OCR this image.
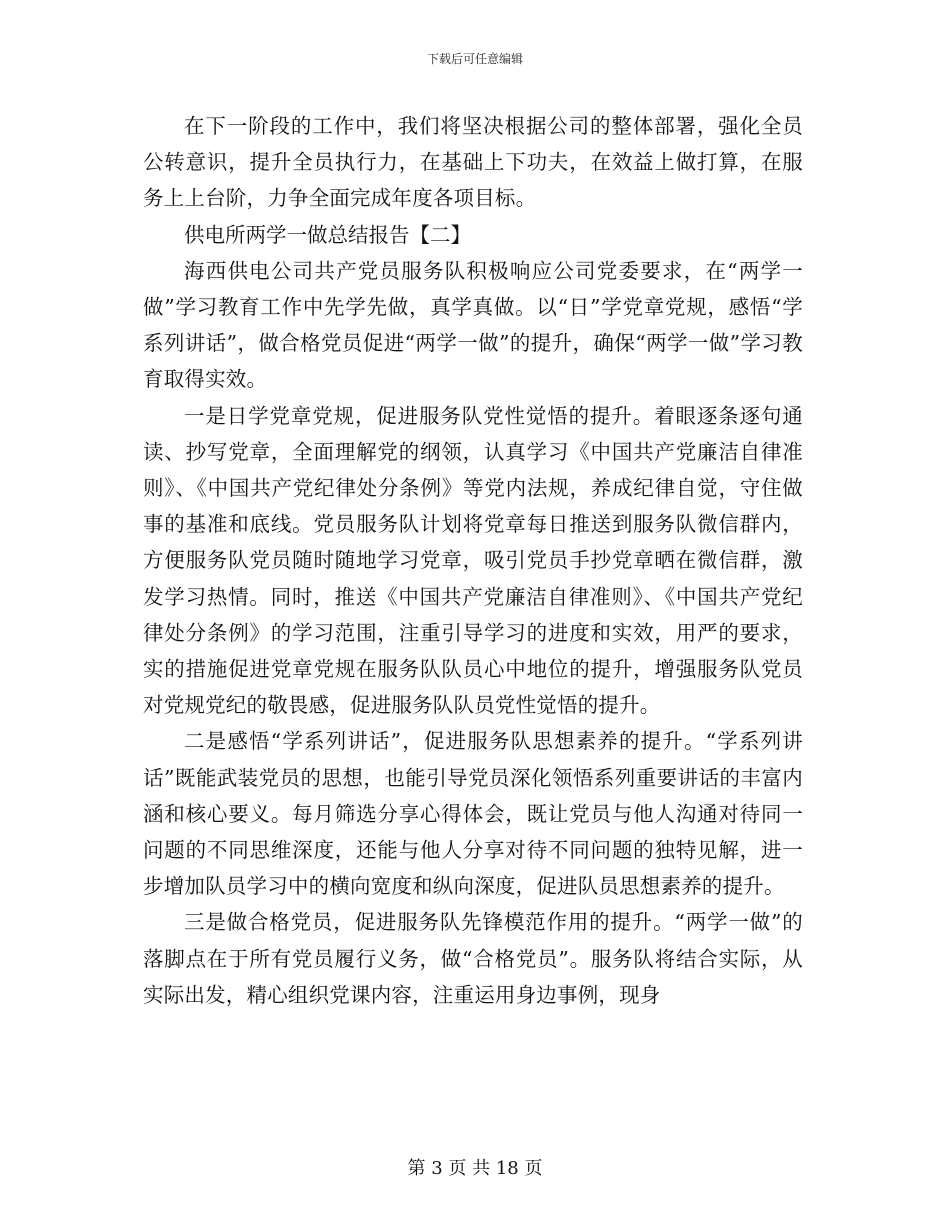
下载后可任意编辑

在下一阶段的工作中，我们将坚决根据公司的整体部署，强化全员公转意识，提升全员执行力，在基础上下功夫，在效益上做打算，在服务上上台阶，力争全面完成年度各项目标。

供电所两学一做总结报告【二】

海西供电公司共产党员服务队积极响应公司党委要求，在“两学一做”学习教育工作中先学先做，真学真做。以“日”学党章党规，感悟“学系列讲话”，做合格党员促进“两学一做”的提升，确保“两学一做”学习教育取得实效。

一是日学党章党规，促进服务队党性觉悟的提升。着眼逐条逐句通读、抄写党章，全面理解党的纲领，认真学习《中国共产党廉洁自律准则》、《中国共产党纪律处分条例》等党内法规，养成纪律自觉，守住做事的基准和底线。党员服务队计划将党章每日推送到服务队微信群内，方便服务队党员随时随地学习党章，吸引党员手抄党章晒在微信群，激发学习热情。同时，推送《中国共产党廉洁自律准则》、《中国共产党纪律处分条例》的学习范围，注重引导学习的进度和实效，用严的要求，实的措施促进党章党规在服务队队员心中地位的提升，增强服务队党员对党规党纪的敬畏感，促进服务队队员党性觉悟的提升。

二是感悟“学系列讲话”，促进服务队思想素养的提升。“学系列讲话”既能武装党员的思想，也能引导党员深化领悟系列重要讲话的丰富内涵和核心要义。每月筛选分享心得体会，既让党员与他人沟通对待同一问题的不同思维深度，还能与他人分享对待不同问题的独特见解，进一步增加队员学习中的横向宽度和纵向深度，促进队员思想素养的提升。

三是做合格党员，促进服务队先锋模范作用的提升。“两学一做”的落脚点在于所有党员履行义务，做“合格党员”。服务队将结合实际，从实际出发，精心组织党课内容，注重运用身边事例，现身

第 3 页 共 18 页
